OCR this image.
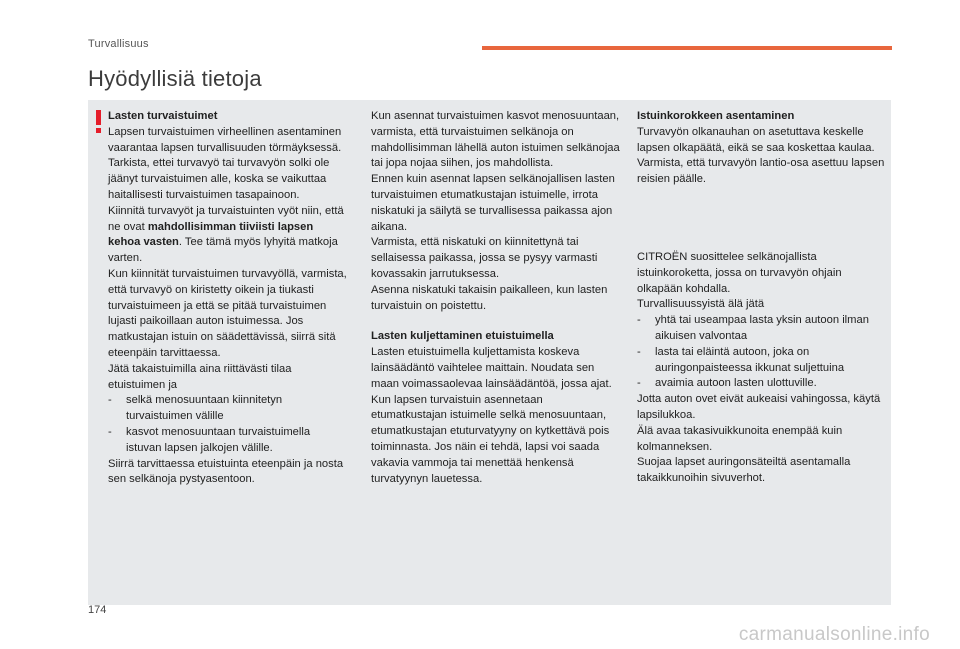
Turvallisuus
Hyödyllisiä tietoja

Lasten turvaistuimet

Lapsen turvaistuimen virheellinen asentaminen vaarantaa lapsen turvallisuuden törmäyksessä.

Tarkista, ettei turvavyö tai turvavyön solki ole jäänyt turvaistuimen alle, koska se vaikuttaa haitallisesti turvaistuimen tasapainoon.

Kiinnitä turvavyöt ja turvaistuinten vyöt niin, että ne ovat mahdollisimman tiiviisti lapsen kehoa vasten. Tee tämä myös lyhyitä matkoja varten.

Kun kiinnität turvaistuimen turvavyöllä, varmista, että turvavyö on kiristetty oikein ja tiukasti turvaistuimeen ja että se pitää turvaistuimen lujasti paikoillaan auton istuimessa. Jos matkustajan istuin on säädettävissä, siirrä sitä eteenpäin tarvittaessa.

Jätä takaistuimilla aina riittävästi tilaa etuistuimen ja

-	selkä menosuuntaan kiinnitetyn turvaistuimen välille
-	kasvot menosuuntaan turvaistuimella istuvan lapsen jalkojen välille.

Siirrä tarvittaessa etuistuinta eteenpäin ja nosta sen selkänoja pystyasentoon.

Kun asennat turvaistuimen kasvot menosuuntaan, varmista, että turvaistuimen selkänoja on mahdollisimman lähellä auton istuimen selkänojaa tai jopa nojaa siihen, jos mahdollista.

Ennen kuin asennat lapsen selkänojallisen lasten turvaistuimen etumatkustajan istuimelle, irrota niskatuki ja säilytä se turvallisessa paikassa ajon aikana.

Varmista, että niskatuki on kiinnitettynä tai sellaisessa paikassa, jossa se pysyy varmasti kovassakin jarrutuksessa.

Asenna niskatuki takaisin paikalleen, kun lasten turvaistuin on poistettu.

Lasten kuljettaminen etuistuimella

Lasten etuistuimella kuljettamista koskeva lainsäädäntö vaihtelee maittain. Noudata sen maan voimassaolevaa lainsäädäntöä, jossa ajat.

Kun lapsen turvaistuin asennetaan etumatkustajan istuimelle selkä menosuuntaan, etumatkustajan etuturvatyyny on kytkettävä pois toiminnasta. Jos näin ei tehdä, lapsi voi saada vakavia vammoja tai menettää henkensä turvatyynyn lauetessa.

Istuinkorokkeen asentaminen

Turvavyön olkanauhan on asetuttava keskelle lapsen olkapäätä, eikä se saa koskettaa kaulaa.

Varmista, että turvavyön lantio-osa asettuu lapsen reisien päälle.

CITROËN suosittelee selkänojallista istuinkoroketta, jossa on turvavyön ohjain olkapään kohdalla.

Turvallisuussyistä älä jätä

-	yhtä tai useampaa lasta yksin autoon ilman aikuisen valvontaa
-	lasta tai eläintä autoon, joka on auringonpaisteessa ikkunat suljettuina
-	avaimia autoon lasten ulottuville.

Jotta auton ovet eivät aukeaisi vahingossa, käytä lapsilukkoa.

Älä avaa takasivuikkunoita enempää kuin kolmanneksen.

Suojaa lapset auringonsäteiltä asentamalla takaikkunoihin sivuverhot.

174
carmanualsonline.info
